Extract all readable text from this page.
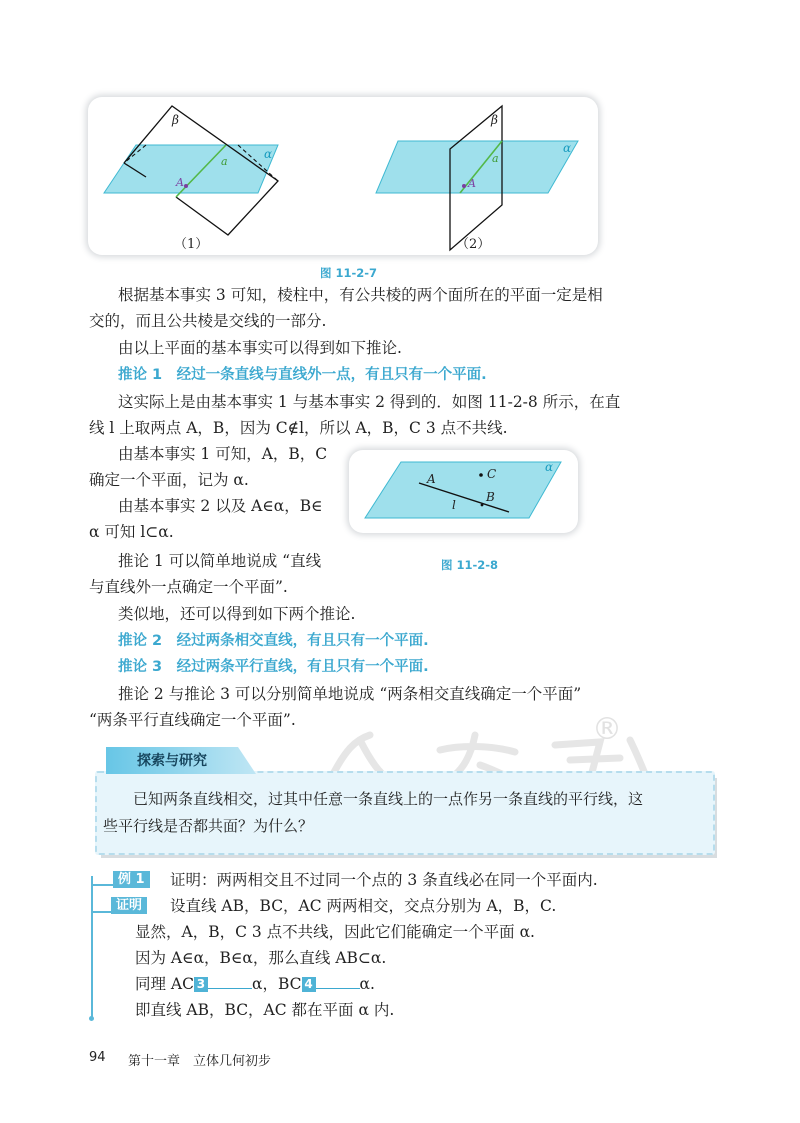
β
α
a
A
β
α
a
A
（1）	（2）
图 11-2-7
根据基本事实 3 可知，棱柱中，有公共棱的两个面所在的平面一定是相
交的，而且公共棱是交线的一部分.
由以上平面的基本事实可以得到如下推论.
推论 1　经过一条直线与直线外一点，有且只有一个平面.
这实际上是由基本事实 1 与基本事实 2 得到的．如图 11-2-8 所示，在直
线 l 上取两点 A，B，因为 C∉l，所以 A，B，C 3 点不共线.
由基本事实 1 可知，A，B，C
确定一个平面，记为 α.
由基本事实 2 以及 A∈α，B∈
α 可知 l⊂α.
推论 1 可以简单地说成 “直线
与直线外一点确定一个平面”.
A	C
B
l
α
图 11-2-8
类似地，还可以得到如下两个推论.
推论 2　经过两条相交直线，有且只有一个平面.
推论 3　经过两条平行直线，有且只有一个平面.
推论 2 与推论 3 可以分别简单地说成 “两条相交直线确定一个平面”
“两条平行直线确定一个平面”.	®
探索与研究
已知两条直线相交，过其中任意一条直线上的一点作另一条直线的平行线，这
些平行线是否都共面？为什么？
例 1	证明：两两相交且不过同一个点的 3 条直线必在同一个平面内.
证明	设直线 AB，BC，AC 两两相交，交点分别为 A，B，C.
显然，A，B，C 3 点不共线，因此它们能确定一个平面 α.
因为 A∈α，B∈α，那么直线 AB⊂α.
同理 AC 3	α，BC 4	α.
即直线 AB，BC，AC 都在平面 α 内.
94 第十一章　立体几何初步
